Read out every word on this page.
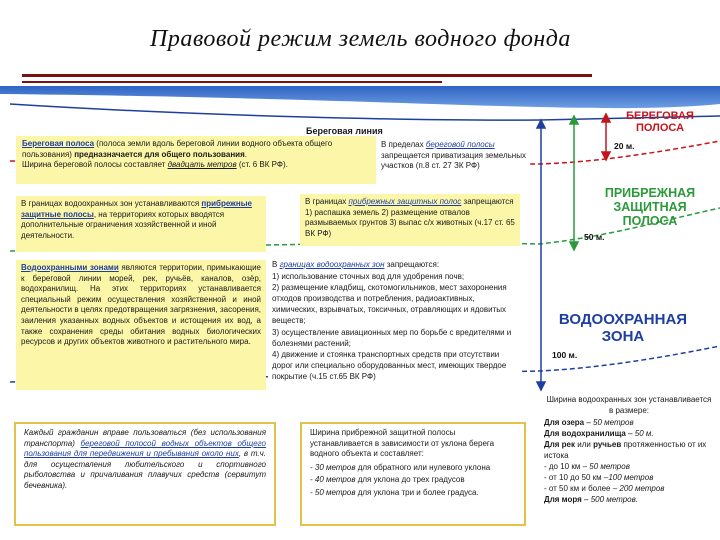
Правовой режим земель водного фонда
Береговая линия
Береговая полоса (полоса земли вдоль береговой линии водного объекта общего пользования) предназначается для общего пользования.
Ширина береговой полосы составляет двадцать метров (ст. 6 ВК РФ).
В пределах береговой полосы запрещается приватизация земельных участков (п.8 ст. 27 ЗК РФ)
В границах водоохранных зон устанавливаются прибрежные защитные полосы, на территориях которых вводятся дополнительные ограничения хозяйственной и иной деятельности.
В границах прибрежных защитных полос запрещаются 1) распашка земель 2) размещение отвалов размываемых грунтов 3) выпас с/х животных (ч.17 ст. 65 ВК РФ)
Водоохранными зонами являются территории, примыкающие к береговой линии морей, рек, ручьёв, каналов, озёр, водохранилищ. На этих территориях устанавливается специальный режим осуществления хозяйственной и иной деятельности в целях предотвращения загрязнения, засорения, заиления указанных водных объектов и истощения их вод, а также сохранения среды обитания водных биологических ресурсов и других объектов животного и растительного мира.
В границах водоохранных зон запрещаются:
1) использование сточных вод для удобрения почв;
2) размещение кладбищ, скотомогильников, мест захоронения отходов производства и потребления, радиоактивных, химических, взрывчатых, токсичных, отравляющих и ядовитых веществ;
3) осуществление авиационных мер по борьбе с вредителями и болезнями растений;
4) движение и стоянка транспортных средств при отсутствии дорог или специально оборудованных мест, имеющих твердое покрытие (ч.15 ст.65 ВК РФ)
БЕРЕГОВАЯ
ПОЛОСА
20 м.
ПРИБРЕЖНАЯ
ЗАЩИТНАЯ
ПОЛОСА
50 м.
ВОДООХРАННАЯ
ЗОНА
100 м.
Каждый гражданин вправе пользоваться (без использования транспорта) береговой полосой водных объектов общего пользования для передвижения и пребывания около них, в т.ч. для осуществления любительского и спортивного рыболовства и причаливания плавучих средств (сервитут бечевника).
Ширина прибрежной защитной полосы устанавливается в зависимости от уклона берега водного объекта и составляет:
- 30 метров для обратного или нулевого уклона
- 40 метров для уклона до трех градусов
- 50 метров для уклона три и более градуса.
Ширина водоохранных зон устанавливается в размере:
Для озера – 50 метров
Для водохранилища – 50 м.
Для рек или ручьев протяженностью от их истока
- до 10 км – 50 метров
- от 10 до 50 км –100 метров
- от 50 км и более – 200 метров
Для моря – 500 метров.
